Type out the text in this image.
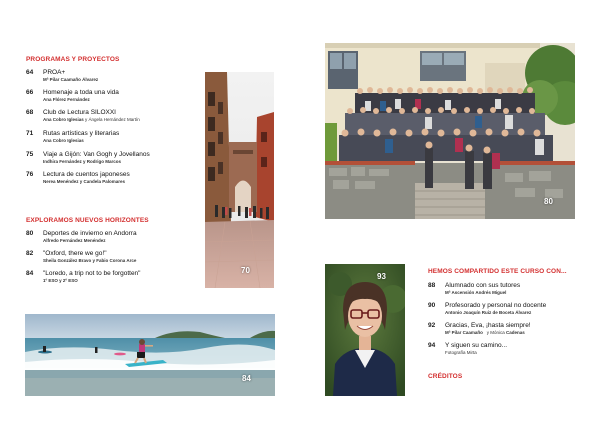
PROGRAMAS Y PROYECTOS
64	PROA+
Mª Pilar Caamaño Álvarez
66	Homenaje a toda una vida
Ana Flórez Fernández
68	Club de Lectura SILOXXI
Ana Cobro Iglesias y Ángela Hernández Martín
71	Rutas artísticas y literarias
Ana Cobro Iglesias
75	Viaje a Gijón: Van Gogh y Jovellanos
Indhira Fernández y Rodrigo Marcos
76	Lectura de cuentos japoneses
Nerea Menéndez y Candela Palomares
EXPLORAMOS NUEVOS HORIZONTES
80	Deportes de invierno en Andorra
Alfredo Fernández Menéndez
82	"Oxford, there we go!"
Sheila González Bravo y Fabio Corona Arce
84	"Loredo, a trip not to be forgotten"
1º ESO y 2º ESO
70
84
80
93
HEMOS COMPARTIDO ESTE CURSO CON...
88	Alumnado con sus tutores
Mª Ascensión Andrés Miguel
90	Profesorado y personal no docente
Antonio Joaquín Ruiz de Boceta Álvarez
92	Gracias, Eva, ¡hasta siempre!
Mª Pilar Caamaño y Mónica Cadenas
94	Y siguen su camino...
Fotografía Mirta
CRÉDITOS
